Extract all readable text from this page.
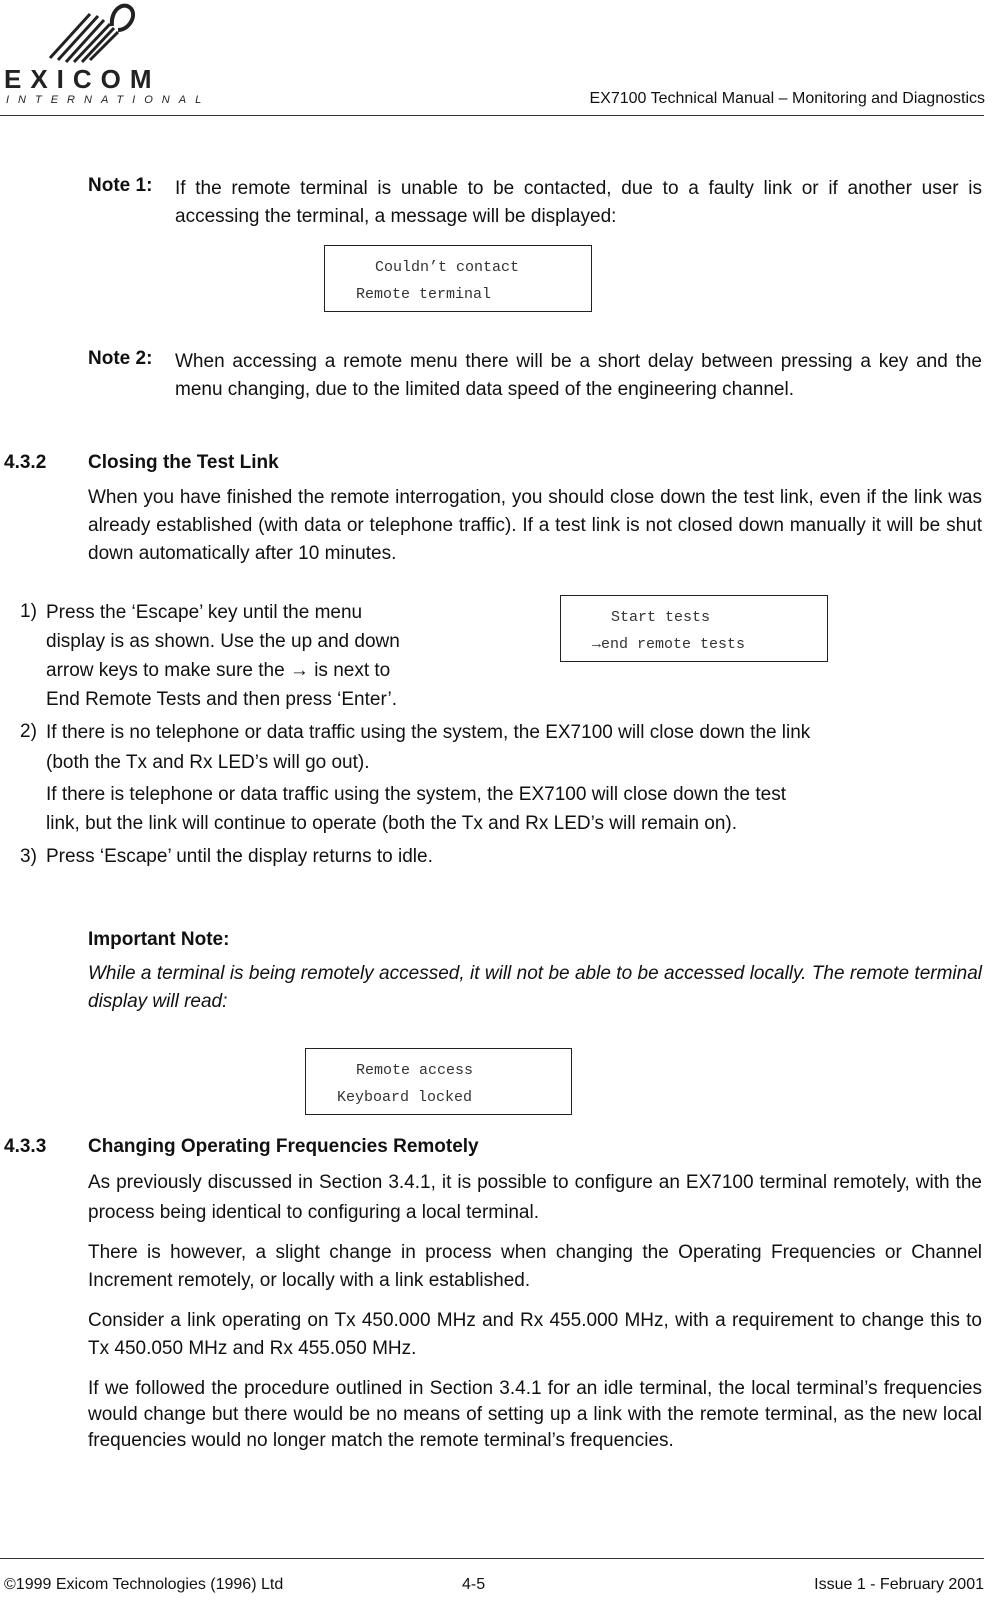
EXICOM
INTERNATIONAL	EX7100 Technical Manual – Monitoring and Diagnostics
Note 1: If the remote terminal is unable to be contacted, due to a faulty link or if another user is accessing the terminal, a message will be displayed:
Couldn’t contact
Remote terminal
Note 2: When accessing a remote menu there will be a short delay between pressing a key and the menu changing, due to the limited data speed of the engineering channel.
4.3.2 Closing the Test Link
When you have finished the remote interrogation, you should close down the test link, even if the link was already established (with data or telephone traffic). If a test link is not closed down manually it will be shut down automatically after 10 minutes.
1) Press the ‘Escape’ key until the menu
display is as shown. Use the up and down
arrow keys to make sure the → is next to
End Remote Tests and then press ‘Enter’.
Start tests
→end remote tests
2) If there is no telephone or data traffic using the system, the EX7100 will close down the link
(both the Tx and Rx LED’s will go out).
If there is telephone or data traffic using the system, the EX7100 will close down the test
link, but the link will continue to operate (both the Tx and Rx LED’s will remain on).
3) Press ‘Escape’ until the display returns to idle.
Important Note:
While a terminal is being remotely accessed, it will not be able to be accessed locally. The remote terminal display will read:
Remote access
Keyboard locked
4.3.3 Changing Operating Frequencies Remotely
As previously discussed in Section 3.4.1, it is possible to configure an EX7100 terminal remotely, with the process being identical to configuring a local terminal.
There is however, a slight change in process when changing the Operating Frequencies or Channel Increment remotely, or locally with a link established.
Consider a link operating on Tx 450.000 MHz and Rx 455.000 MHz, with a requirement to change this to Tx 450.050 MHz and Rx 455.050 MHz.
If we followed the procedure outlined in Section 3.4.1 for an idle terminal, the local terminal’s frequencies would change but there would be no means of setting up a link with the remote terminal, as the new local frequencies would no longer match the remote terminal’s frequencies.
©1999 Exicom Technologies (1996) Ltd	4-5	Issue 1 - February 2001
